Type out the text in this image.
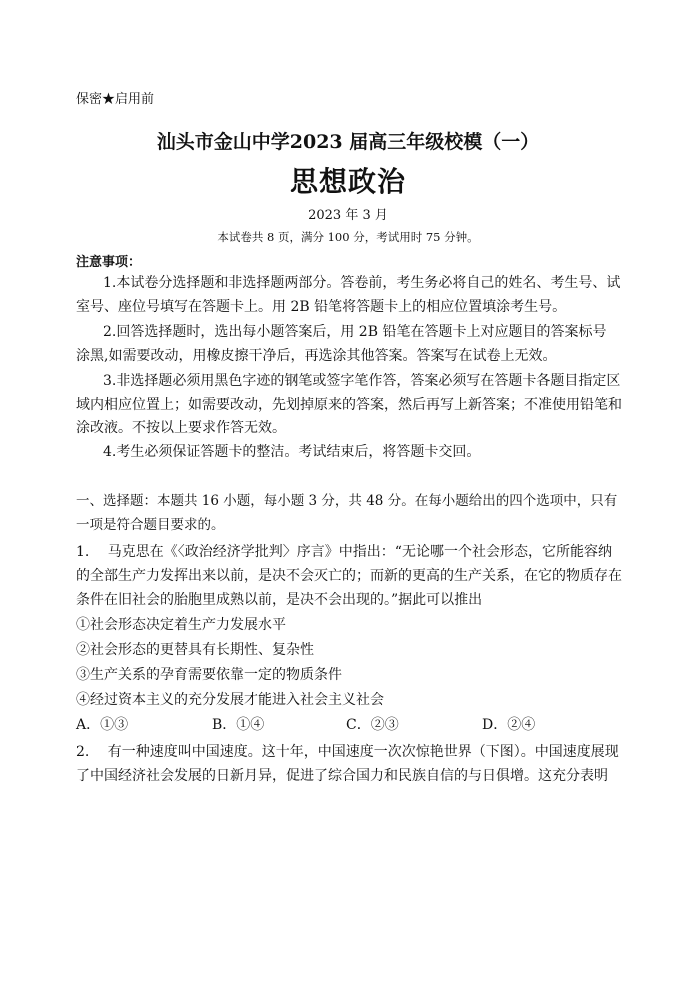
保密★启用前
汕头市金山中学2023 届高三年级校模（一）
思想政治
2023 年 3 月
本试卷共 8 页，满分 100 分，考试用时 75 分钟。
注意事项：
1.本试卷分选择题和非选择题两部分。答卷前，考生务必将自己的姓名、考生号、试
室号、座位号填写在答题卡上。用 2B 铅笔将答题卡上的相应位置填涂考生号。
2.回答选择题时，选出每小题答案后，用 2B 铅笔在答题卡上对应题目的答案标号
涂黑,如需要改动，用橡皮擦干净后，再选涂其他答案。答案写在试卷上无效。
3.非选择题必须用黑色字迹的钢笔或签字笔作答，答案必须写在答题卡各题目指定区
域内相应位置上；如需要改动，先划掉原来的答案，然后再写上新答案；不准使用铅笔和
涂改液。不按以上要求作答无效。
4.考生必须保证答题卡的整洁。考试结束后，将答题卡交回。
一、选择题：本题共 16 小题，每小题 3 分，共 48 分。在每小题给出的四个选项中，只有
一项是符合题目要求的。
1.　 马克思在《〈政治经济学批判〉序言》中指出：“无论哪一个社会形态，它所能容纳
的全部生产力发挥出来以前，是决不会灭亡的；而新的更高的生产关系，在它的物质存在
条件在旧社会的胎胞里成熟以前，是决不会出现的。”据此可以推出
①社会形态决定着生产力发展水平
②社会形态的更替具有长期性、复杂性
③生产关系的孕育需要依靠一定的物质条件
④经过资本主义的充分发展才能进入社会主义社会
A．①③	B．①④	C．②③	D．②④
2.　 有一种速度叫中国速度。这十年，中国速度一次次惊艳世界（下图）。中国速度展现
了中国经济社会发展的日新月异，促进了综合国力和民族自信的与日俱增。这充分表明
